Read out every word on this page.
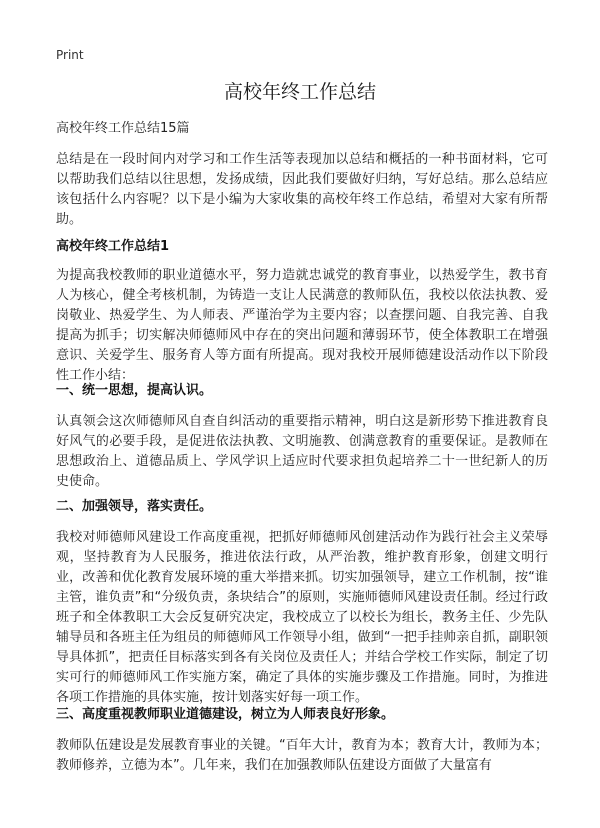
Print
高校年终工作总结
高校年终工作总结15篇

总结是在一段时间内对学习和工作生活等表现加以总结和概括的一种书面材料，它可以帮助我们总结以往思想，发扬成绩，因此我们要做好归纳，写好总结。那么总结应该包括什么内容呢？以下是小编为大家收集的高校年终工作总结，希望对大家有所帮助。

高校年终工作总结1

为提高我校教师的职业道德水平，努力造就忠诚党的教育事业，以热爱学生，教书育人为核心，健全考核机制，为铸造一支让人民满意的教师队伍，我校以依法执教、爱岗敬业、热爱学生、为人师表、严谨治学为主要内容；以查摆问题、自我完善、自我提高为抓手；切实解决师德师风中存在的突出问题和薄弱环节，使全体教职工在增强意识、关爱学生、服务育人等方面有所提高。现对我校开展师德建设活动作以下阶段性工作小结：

一、统一思想，提高认识。

认真领会这次师德师风自查自纠活动的重要指示精神，明白这是新形势下推进教育良好风气的必要手段，是促进依法执教、文明施教、创满意教育的重要保证。是教师在思想政治上、道德品质上、学风学识上适应时代要求担负起培养二十一世纪新人的历史使命。

二、加强领导，落实责任。

我校对师德师风建设工作高度重视，把抓好师德师风创建活动作为践行社会主义荣辱观，坚持教育为人民服务，推进依法行政，从严治教，维护教育形象，创建文明行业，改善和优化教育发展环境的重大举措来抓。切实加强领导，建立工作机制，按“谁主管，谁负责”和“分级负责，条块结合”的原则，实施师德师风建设责任制。经过行政班子和全体教职工大会反复研究决定，我校成立了以校长为组长，教务主任、少先队辅导员和各班主任为组员的师德师风工作领导小组，做到“一把手挂帅亲自抓，副职领导具体抓”，把责任目标落实到各有关岗位及责任人；并结合学校工作实际，制定了切实可行的师德师风工作实施方案，确定了具体的实施步骤及工作措施。同时，为推进各项工作措施的具体实施，按计划落实好每一项工作。

三、高度重视教师职业道德建设，树立为人师表良好形象。

教师队伍建设是发展教育事业的关键。“百年大计，教育为本；教育大计，教师为本；教师修养，立德为本”。几年来，我们在加强教师队伍建设方面做了大量富有
